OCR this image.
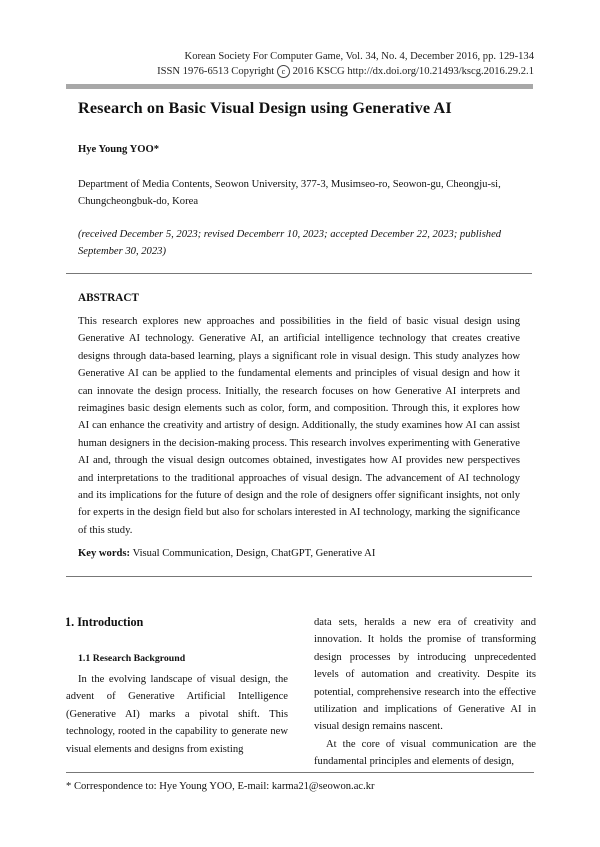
Korean Society For Computer Game, Vol. 34, No. 4, December 2016, pp. 129-134
ISSN 1976-6513 Copyright c 2016 KSCG http://dx.doi.org/10.21493/kscg.2016.29.2.1
Research on Basic Visual Design using Generative AI
Hye Young YOO*
Department of Media Contents, Seowon University, 377-3, Musimseo-ro, Seowon-gu, Cheongju-si, Chungcheongbuk-do, Korea
(received December 5, 2023; revised Decemberr 10, 2023; accepted December 22, 2023; published September 30, 2023)
ABSTRACT
This research explores new approaches and possibilities in the field of basic visual design using Generative AI technology. Generative AI, an artificial intelligence technology that creates creative designs through data-based learning, plays a significant role in visual design. This study analyzes how Generative AI can be applied to the fundamental elements and principles of visual design and how it can innovate the design process. Initially, the research focuses on how Generative AI interprets and reimagines basic design elements such as color, form, and composition. Through this, it explores how AI can enhance the creativity and artistry of design. Additionally, the study examines how AI can assist human designers in the decision-making process. This research involves experimenting with Generative AI and, through the visual design outcomes obtained, investigates how AI provides new perspectives and interpretations to the traditional approaches of visual design. The advancement of AI technology and its implications for the future of design and the role of designers offer significant insights, not only for experts in the design field but also for scholars interested in AI technology, marking the significance of this study.
Key words: Visual Communication, Design, ChatGPT, Generative AI
1. Introduction
1.1 Research Background

In the evolving landscape of visual design, the advent of Generative Artificial Intelligence (Generative AI) marks a pivotal shift. This technology, rooted in the capability to generate new visual elements and designs from existing

data sets, heralds a new era of creativity and innovation. It holds the promise of transforming design processes by introducing unprecedented levels of automation and creativity. Despite its potential, comprehensive research into the effective utilization and implications of Generative AI in visual design remains nascent.

At the core of visual communication are the fundamental principles and elements of design,

* Correspondence to: Hye Young YOO, E-mail: karma21@seowon.ac.kr
